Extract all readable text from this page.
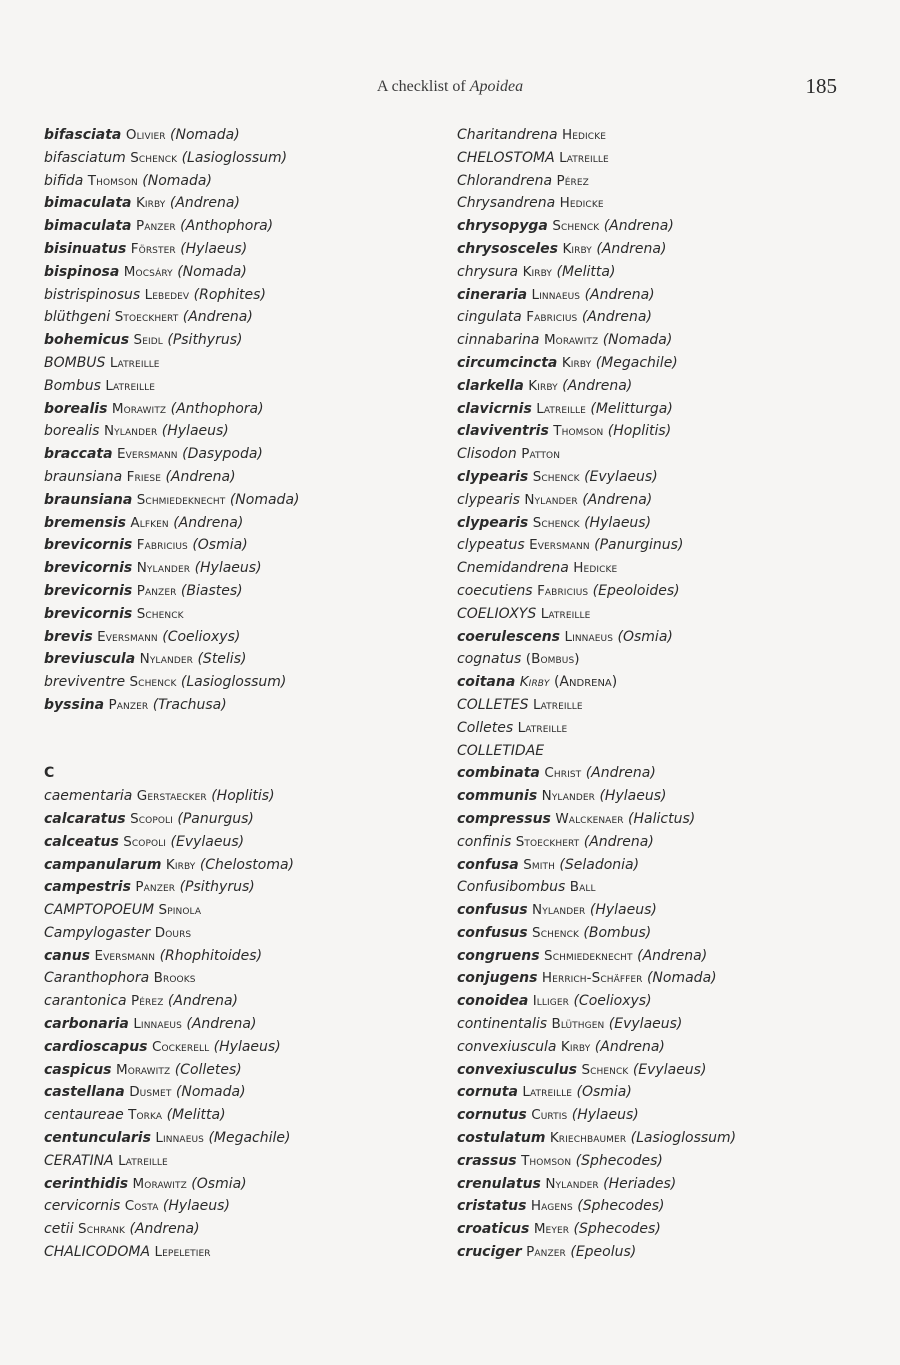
A checklist of Apoidea	185
bifasciata Olivier (Nomada)
bifasciatum Schenck (Lasioglossum)
bifida Thomson (Nomada)
bimaculata Kirby (Andrena)
bimaculata Panzer (Anthophora)
bisinuatus Förster (Hylaeus)
bispinosa Mocsáry (Nomada)
bistrispinosus Lebedev (Rophites)
blüthgeni Stoeckhert (Andrena)
bohemicus Seidl (Psithyrus)
BOMBUS Latreille
Bombus Latreille
borealis Morawitz (Anthophora)
borealis Nylander (Hylaeus)
braccata Eversmann (Dasypoda)
braunsiana Friese (Andrena)
braunsiana Schmiedeknecht (Nomada)
bremensis Alfken (Andrena)
brevicornis Fabricius (Osmia)
brevicornis Nylander (Hylaeus)
brevicornis Panzer (Biastes)
brevicornis Schenck
brevis Eversmann (Coelioxys)
breviuscula Nylander (Stelis)
breviventre Schenck (Lasioglossum)
byssina Panzer (Trachusa)
C
caementaria Gerstaecker (Hoplitis)
calcaratus Scopoli (Panurgus)
calceatus Scopoli (Evylaeus)
campanularum Kirby (Chelostoma)
campestris Panzer (Psithyrus)
CAMPTOPOEUM Spinola
Campylogaster Dours
canus Eversmann (Rhophitoides)
Caranthophora Brooks
carantonica Pérez (Andrena)
carbonaria Linnaeus (Andrena)
cardioscapus Cockerell (Hylaeus)
caspicus Morawitz (Colletes)
castellana Dusmet (Nomada)
centaureae Torka (Melitta)
centuncularis Linnaeus (Megachile)
CERATINA Latreille
cerinthidis Morawitz (Osmia)
cervicornis Costa (Hylaeus)
cetii Schrank (Andrena)
CHALICODOMA Lepeletier
Charitandrena Hedicke
CHELOSTOMA Latreille
Chlorandrena Pérez
Chrysandrena Hedicke
chrysopyga Schenck (Andrena)
chrysosceles Kirby (Andrena)
chrysura Kirby (Melitta)
cineraria Linnaeus (Andrena)
cingulata Fabricius (Andrena)
cinnabarina Morawitz (Nomada)
circumcincta Kirby (Megachile)
clarkella Kirby (Andrena)
clavicrnis Latreille (Melitturga)
claviventris Thomson (Hoplitis)
Clisodon Patton
clypearis Schenck (Evylaeus)
clypearis Nylander (Andrena)
clypearis Schenck (Hylaeus)
clypeatus Eversmann (Panurginus)
Cnemidandrena Hedicke
coecutiens Fabricius (Epeoloides)
COELIOXYS Latreille
coerulescens Linnaeus (Osmia)
cognatus (Bombus)
coitana Kirby (Andrena)
COLLETES Latreille
Colletes Latreille
COLLETIDAE
combinata Christ (Andrena)
communis Nylander (Hylaeus)
compressus Walckenaer (Halictus)
confinis Stoeckhert (Andrena)
confusa Smith (Seladonia)
Confusibombus Ball
confusus Nylander (Hylaeus)
confusus Schenck (Bombus)
congruens Schmiedeknecht (Andrena)
conjugens Herrich-Schäffer (Nomada)
conoidea Illiger (Coelioxys)
continentalis Blüthgen (Evylaeus)
convexiuscula Kirby (Andrena)
convexiusculus Schenck (Evylaeus)
cornuta Latreille (Osmia)
cornutus Curtis (Hylaeus)
costulatum Kriechbaumer (Lasioglossum)
crassus Thomson (Sphecodes)
crenulatus Nylander (Heriades)
cristatus Hagens (Sphecodes)
croaticus Meyer (Sphecodes)
cruciger Panzer (Epeolus)
